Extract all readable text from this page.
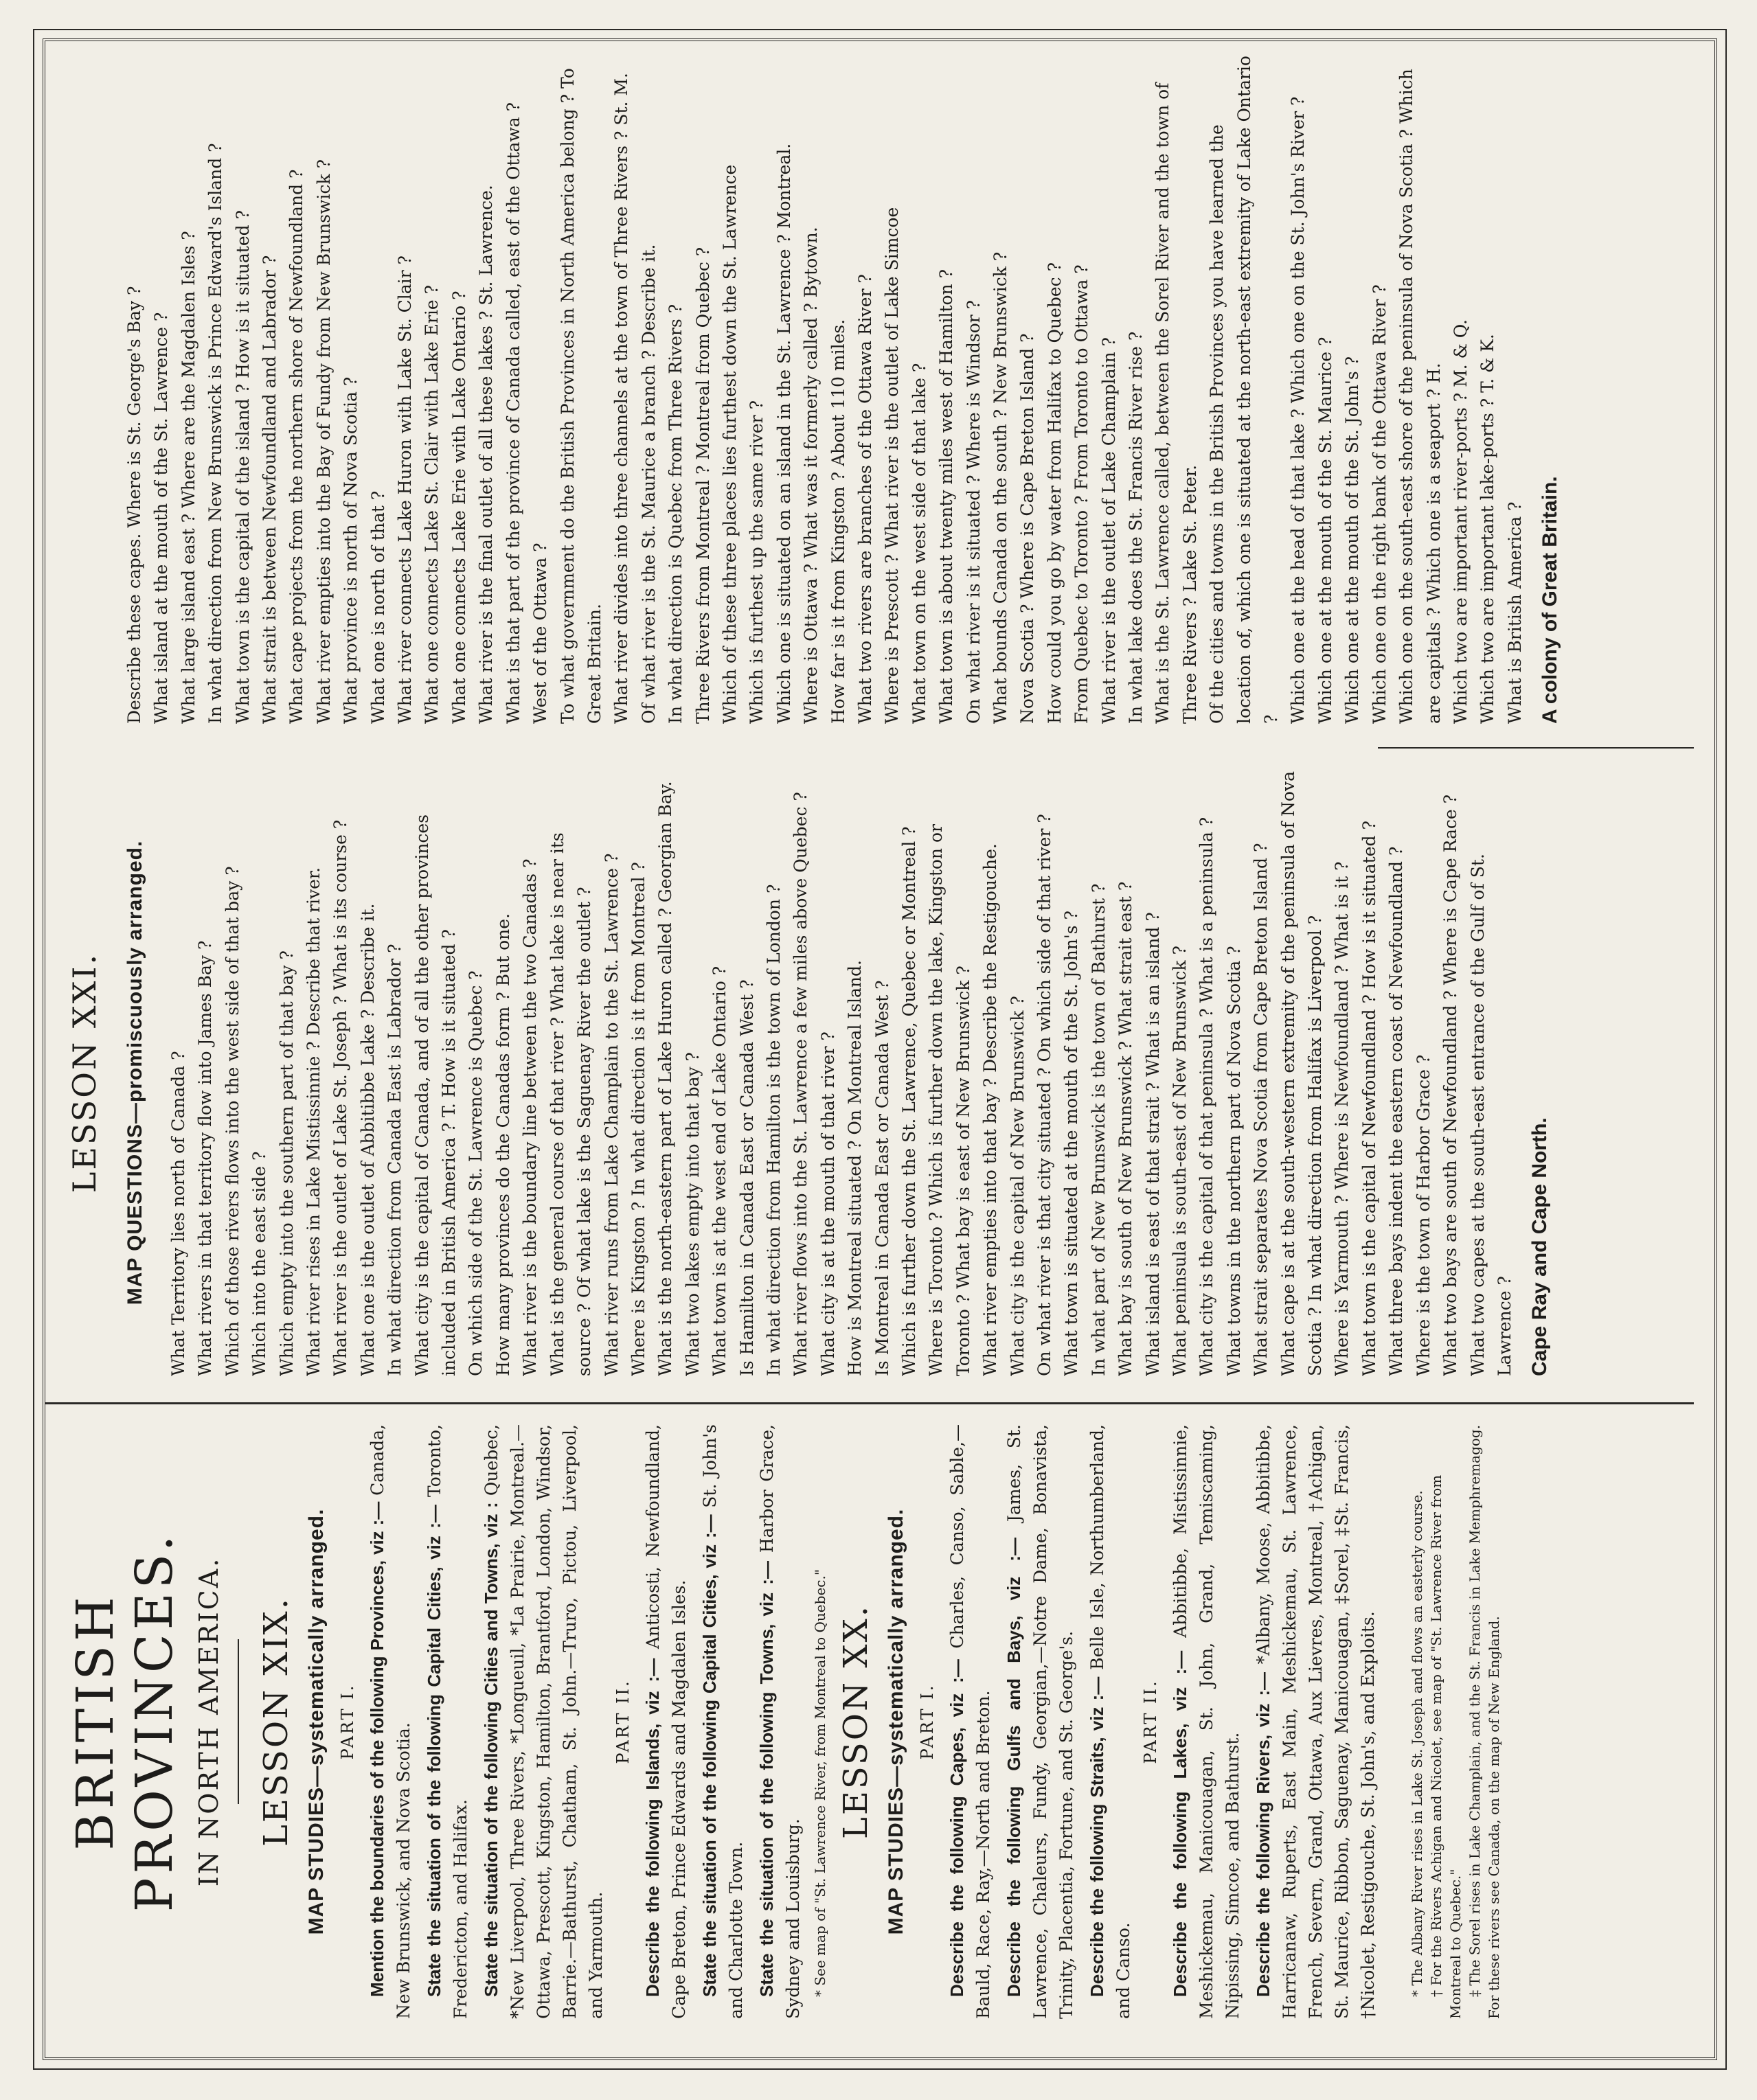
BRITISH PROVINCES. IN NORTH AMERICA. LESSON XIX. MAP STUDIES—systematically arranged. PART I. Mention the boundaries of the following Provinces, viz :— Canada, New Brunswick, and Nova Scotia. State the situation of the following Capital Cities, viz :— Toronto, Fredericton, and Halifax. State the situation of the following Cities and Towns, viz : Quebec, *New Liverpool, Three Rivers, *Longueuil, *La Prairie, Montreal.—Ottawa, Prescott, Kingston, Hamilton, Brantford, London, Windsor, Barrie.—Bathurst, Chatham, St. John.—Truro, Pictou, Liverpool, and Yarmouth.

PART II. Describe the following Islands, viz :— Anticosti, Newfoundland, Cape Breton, Prince Edwards and Magdalen Isles. State the situation of the following Capital Cities, viz :— St. John's and Charlotte Town. State the situation of the following Towns, viz :— Harbor Grace, Sydney and Louisburg. * See map of "St. Lawrence River, from Montreal to Quebec." LESSON XX. MAP STUDIES—systematically arranged. PART I. Describe the following Capes, viz :— Charles, Canso, Sable,—Bauld, Race, Ray,—North and Breton. Describe the following Gulfs and Bays, viz :— James, St. Lawrence, Chaleurs, Fundy, Georgian,—Notre Dame, Bonavista, Trinity, Placentia, Fortune, and St. George's. Describe the following Straits, viz :— Belle Isle, Northumberland, and Canso.

PART II. Describe the following Lakes, viz :— Abbitibbe, Mistissinnie, Meshickemau, Manicouagan, St. John, Grand, Temiscaming, Nipissing, Simcoe, and Bathurst. Describe the following Rivers, viz :— *Albany, Moose, Abbitibbe, Harricanaw, Ruperts, East Main, Meshickemau, St. Lawrence, French, Severn, Grand, Ottawa, Aux Lievres, Montreal, †Achigan, St. Maurice, Ribbon, Saguenay, Manicouagan, ‡Sorel, ‡St. Francis, †Nicolet, Restigouche, St. John's, and Exploits. * The Albany River rises in Lake St. Joseph and flows an easterly course. † For the Rivers Achigan and Nicolet, see map of "St. Lawrence River from Montreal to Quebec." ‡ The Sorel rises in Lake Champlain, and the St. Francis in Lake Memphremagog. For these rivers see Canada, on the map of New England.

LESSON XXI. MAP QUESTIONS—promiscuously arranged. What Territory lies north of Canada ? What rivers in that territory flow into James Bay ? Which of those rivers flows into the west side of that bay ? Which into the east side ? Which empty into the southern part of that bay ? What river rises in Lake Mistissinnie ? Describe that river. What river is the outlet of Lake St. Joseph ? What is its course ? What one is the outlet of Abbitibbe Lake ? Describe it. In what direction from Canada East is Labrador ? What city is the capital of Canada, and of all the other provinces included in British America ? T. How is it situated ? On which side of the St. Lawrence is Quebec ? How many provinces do the Canadas form ? But one. What river is the boundary line between the two Canadas ? What is the general course of that river ? What lake is near its source ? Of what lake is the Saguenay River the outlet ? What river runs from Lake Champlain to the St. Lawrence ? Where is Kingston ? In what direction is it from Montreal ? What is the north-eastern part of Lake Huron called ? Georgian Bay. What two lakes empty into that bay ? What town is at the west end of Lake Ontario ? Is Hamilton in Canada East or Canada West ? In what direction from Hamilton is the town of London ? What river flows into the St. Lawrence a few miles above Quebec ? What city is at the mouth of that river ? How is Montreal situated ? On Montreal Island. Is Montreal in Canada East or Canada West ? Which is further down the St. Lawrence, Quebec or Montreal ? Where is Toronto ? Which is further down the lake, Kingston or Toronto ? What bay is east of New Brunswick ? What river empties into that bay ? Describe the Restigouche. What city is the capital of New Brunswick ? On what river is that city situated ? On which side of that river ? What town is situated at the mouth of the St. John's ? In what part of New Brunswick is the town of Bathurst ? What bay is south of New Brunswick ? What strait east ? What island is east of that strait ? What is an island ? What peninsula is south-east of New Brunswick ? What city is the capital of that peninsula ? What is a peninsula ? What towns in the northern part of Nova Scotia ? What strait separates Nova Scotia from Cape Breton Island ? What cape is at the south-western extremity of the peninsula of Nova Scotia ? In what direction from Halifax is Liverpool ? Where is Yarmouth ? Where is Newfoundland ? What is it ? What town is the capital of Newfoundland ? How is it situated ? What three bays indent the eastern coast of Newfoundland ? Where is the town of Harbor Grace ? What two bays are south of Newfoundland ? Where is Cape Race ? What two capes at the south-east entrance of the Gulf of St. Lawrence ? Cape Ray and Cape North.

Describe these capes. Where is St. George's Bay ? What island at the mouth of the St. Lawrence ? What large island east ? Where are the Magdalen Isles ? In what direction from New Brunswick is Prince Edward's Island ? What town is the capital of the island ? How is it situated ? What strait is between Newfoundland and Labrador ? What cape projects from the northern shore of Newfoundland ? What river empties into the Bay of Fundy from New Brunswick ? What province is north of Nova Scotia ? What one is north of that ? What river connects Lake Huron with Lake St. Clair ? What one connects Lake St. Clair with Lake Erie ? What one connects Lake Erie with Lake Ontario ? What river is the final outlet of all these lakes ? St. Lawrence. What is that part of the province of Canada called, east of the Ottawa ? West of the Ottawa ? To what government do the British Provinces in North America belong ? To Great Britain. What river divides into three channels at the town of Three Rivers ? St. M. Of what river is the St. Maurice a branch ? Describe it. In what direction is Quebec from Three Rivers ? Three Rivers from Montreal ? Montreal from Quebec ? Which of these three places lies furthest down the St. Lawrence Which is furthest up the same river ? Which one is situated on an island in the St. Lawrence ? Montreal. Where is Ottawa ? What was it formerly called ? Bytown. How far is it from Kingston ? About 110 miles. What two rivers are branches of the Ottawa River ? Where is Prescott ? What river is the outlet of Lake Simcoe What town on the west side of that lake ? What town is about twenty miles west of Hamilton ? On what river is it situated ? Where is Windsor ? What bounds Canada on the south ? New Brunswick ? Nova Scotia ? Where is Cape Breton Island ? How could you go by water from Halifax to Quebec ? From Quebec to Toronto ? From Toronto to Ottawa ? What river is the outlet of Lake Champlain ? In what lake does the St. Francis River rise ? What is the St. Lawrence called, between the Sorel River and the town of Three Rivers ? Lake St. Peter. Of the cities and towns in the British Provinces you have learned the location of, which one is situated at the north-east extremity of Lake Ontario ? Which one at the head of that lake ? Which one on the St. John's River ? Which one at the mouth of the St. Maurice ? Which one at the mouth of the St. John's ? Which one on the right bank of the Ottawa River ? Which one on the south-east shore of the peninsula of Nova Scotia ? Which are capitals ? Which one is a seaport ? H. Which two are important river-ports ? M. & Q. Which two are important lake-ports ? T. & K. What is British America ? A colony of Great Britain.
